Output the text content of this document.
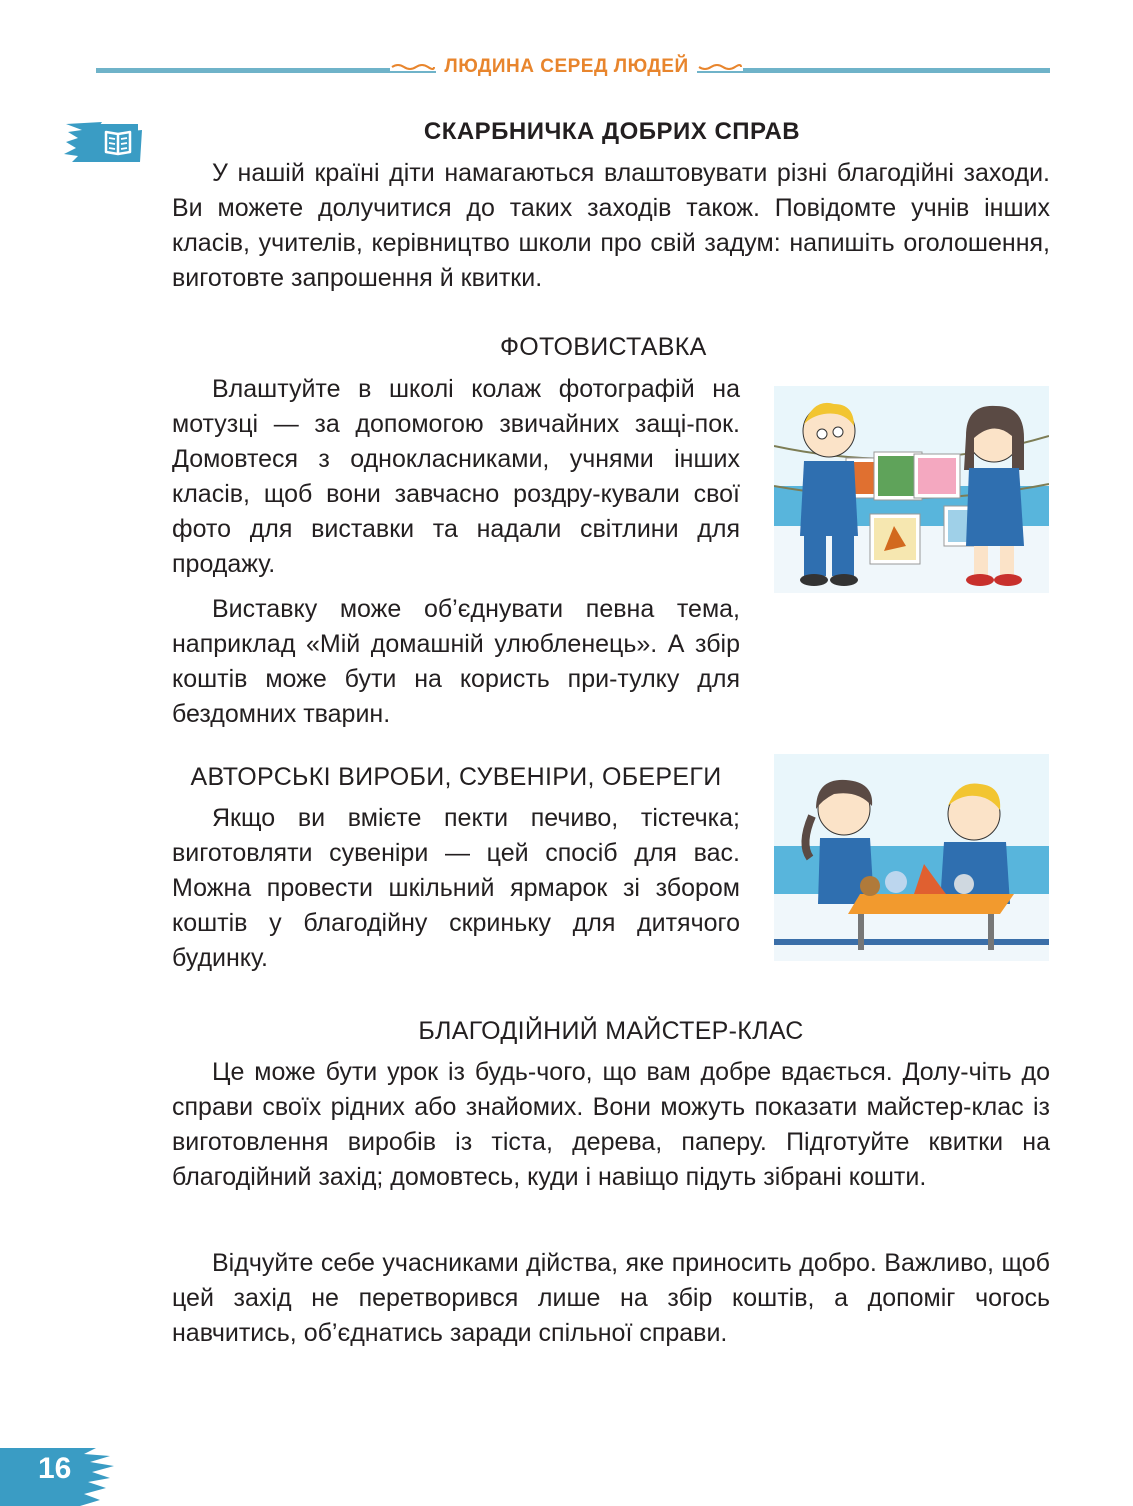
ЛЮДИНА СЕРЕД ЛЮДЕЙ
СКАРБНИЧКА ДОБРИХ СПРАВ

У нашій країні діти намагаються влаштовувати різні благодійні заходи. Ви можете долучитися до таких заходів також. Повідомте учнів інших класів, учителів, керівництво школи про свій задум: напишіть оголошення, виготовте запрошення й квитки.

ФОТОВИСТАВКА

Влаштуйте в школі колаж фотографій на мотузці — за допомогою звичайних защі-пок. Домовтеся з однокласниками, учнями інших класів, щоб вони завчасно роздру-кували свої фото для виставки та надали світлини для продажу.

Виставку може об’єднувати певна тема, наприклад «Мій домашній улюбленець». А збір коштів може бути на користь при-тулку для бездомних тварин.

АВТОРСЬКІ ВИРОБИ, СУВЕНІРИ, ОБЕРЕГИ

Якщо ви вмієте пекти печиво, тістечка; виготовляти сувеніри — цей спосіб для вас. Можна провести шкільний ярмарок зі збором коштів у благодійну скриньку для дитячого будинку.

БЛАГОДІЙНИЙ МАЙСТЕР-КЛАС

Це може бути урок із будь-чого, що вам добре вдається. Долу-чіть до справи своїх рідних або знайомих. Вони можуть показати майстер-клас із виготовлення виробів із тіста, дерева, паперу. Підготуйте квитки на благодійний захід; домовтесь, куди і навіщо підуть зібрані кошти.

Відчуйте себе учасниками дійства, яке приносить добро. Важливо, щоб цей захід не перетворився лише на збір коштів, а допоміг чогось навчитись, об’єднатись заради спільної справи.

16
